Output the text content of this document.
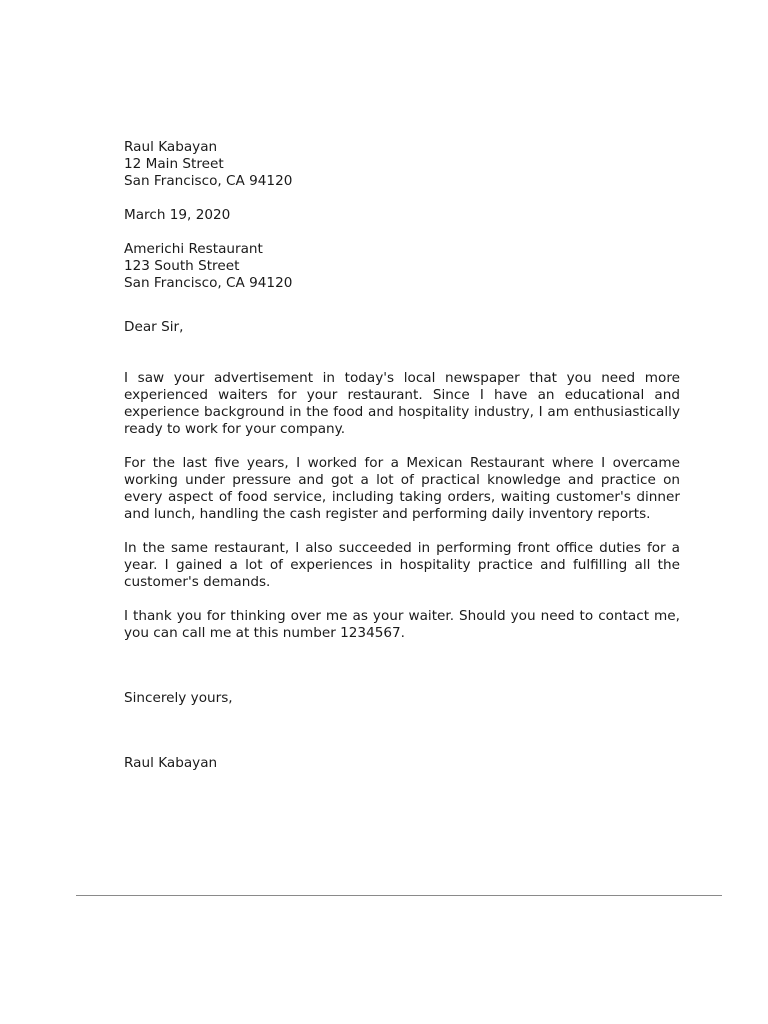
Raul Kabayan
12 Main Street
San Francisco, CA 94120
March 19, 2020
Americhi Restaurant
123 South Street
San Francisco, CA 94120
Dear Sir,

I saw your advertisement in today's local newspaper that you need more experienced waiters for your restaurant. Since I have an educational and experience background in the food and hospitality industry, I am enthusiastically ready to work for your company.

For the last five years, I worked for a Mexican Restaurant where I overcame working under pressure and got a lot of practical knowledge and practice on every aspect of food service, including taking orders, waiting customer's dinner and lunch, handling the cash register and performing daily inventory reports.

In the same restaurant, I also succeeded in performing front office duties for a year. I gained a lot of experiences in hospitality practice and fulfilling all the customer's demands.

I thank you for thinking over me as your waiter. Should you need to contact me, you can call me at this number 1234567.

Sincerely yours,
Raul Kabayan
